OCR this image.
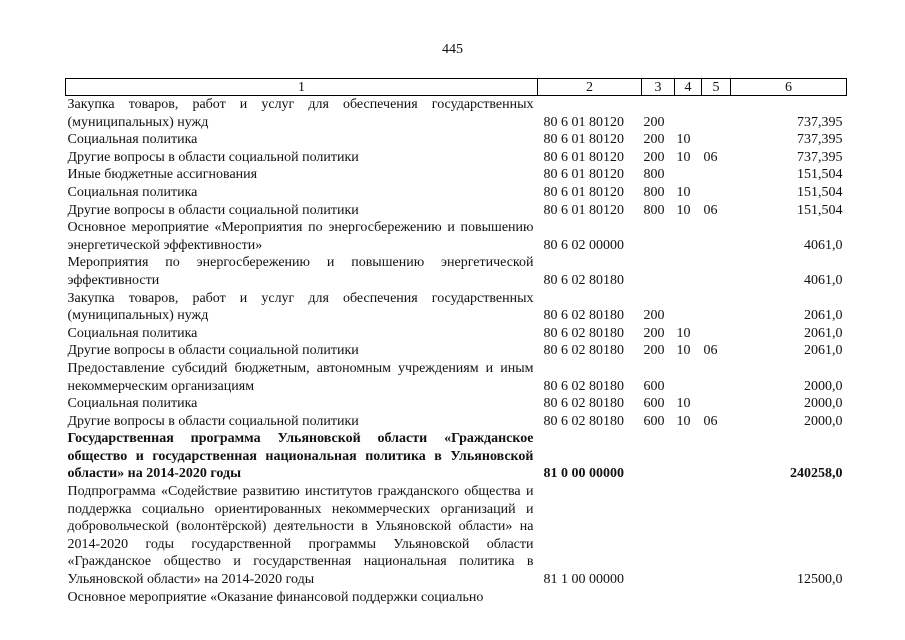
445
1	2	3	4	5	6
Закупка товаров, работ и услуг для обеспечения государственных (муниципальных) нужд	80 6 01 80120	200			737,395
Социальная политика	80 6 01 80120	200	10		737,395
Другие вопросы в области социальной политики	80 6 01 80120	200	10	06	737,395
Иные бюджетные ассигнования	80 6 01 80120	800			151,504
Социальная политика	80 6 01 80120	800	10		151,504
Другие вопросы в области социальной политики	80 6 01 80120	800	10	06	151,504
Основное мероприятие «Мероприятия по энергосбережению и повышению энергетической эффективности»	80 6 02 00000				4061,0
Мероприятия по энергосбережению и повышению энергетической эффективности	80 6 02 80180				4061,0
Закупка товаров, работ и услуг для обеспечения государственных (муниципальных) нужд	80 6 02 80180	200			2061,0
Социальная политика	80 6 02 80180	200	10		2061,0
Другие вопросы в области социальной политики	80 6 02 80180	200	10	06	2061,0
Предоставление субсидий бюджетным, автономным учреждениям и иным некоммерческим организациям	80 6 02 80180	600			2000,0
Социальная политика	80 6 02 80180	600	10		2000,0
Другие вопросы в области социальной политики	80 6 02 80180	600	10	06	2000,0
Государственная программа Ульяновской области «Гражданское общество и государственная национальная политика в Ульяновской области» на 2014-2020 годы	81 0 00 00000				240258,0
Подпрограмма «Содействие развитию институтов гражданского общества и поддержка социально ориентированных некоммерческих организаций и добровольческой (волонтёрской) деятельности в Ульяновской области» на 2014-2020 годы государственной программы Ульяновской области «Гражданское общество и государственная национальная политика в Ульяновской области» на 2014-2020 годы	81 1 00 00000				12500,0
Основное мероприятие «Оказание финансовой поддержки социально					
